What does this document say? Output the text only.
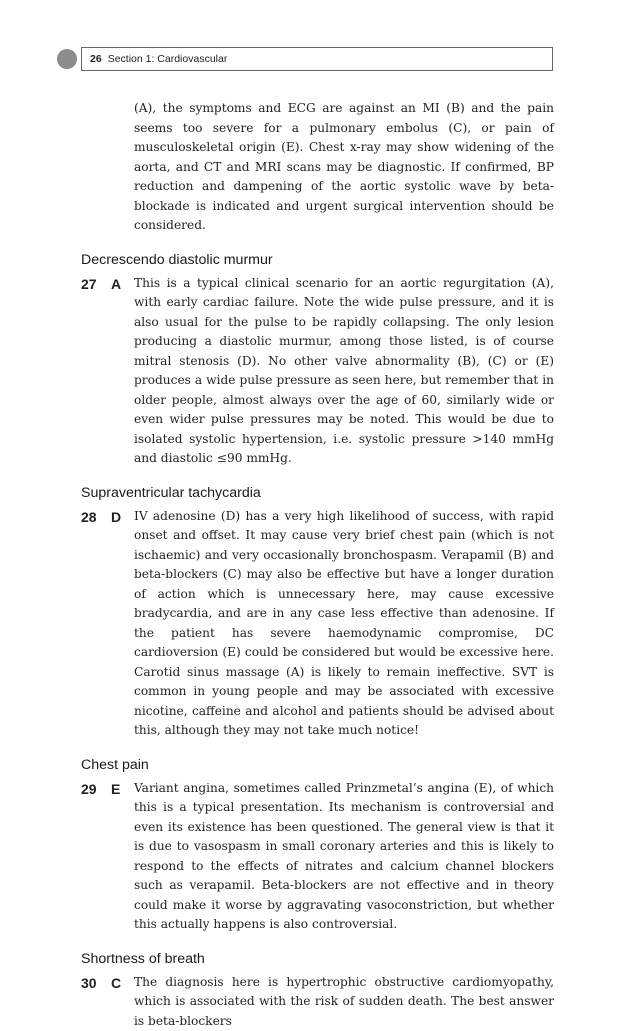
26 Section 1: Cardiovascular

(A), the symptoms and ECG are against an MI (B) and the pain seems too severe for a pulmonary embolus (C), or pain of musculoskeletal origin (E). Chest x-ray may show widening of the aorta, and CT and MRI scans may be diagnostic. If confirmed, BP reduction and dampening of the aortic systolic wave by beta-blockade is indicated and urgent surgical intervention should be considered.

Decrescendo diastolic murmur
27	A	This is a typical clinical scenario for an aortic regurgitation (A), with early cardiac failure. Note the wide pulse pressure, and it is also usual for the pulse to be rapidly collapsing. The only lesion producing a diastolic murmur, among those listed, is of course mitral stenosis (D). No other valve abnormality (B), (C) or (E) produces a wide pulse pressure as seen here, but remember that in older people, almost always over the age of 60, similarly wide or even wider pulse pressures may be noted. This would be due to isolated systolic hypertension, i.e. systolic pressure >140 mmHg and diastolic ≤90 mmHg.

Supraventricular tachycardia
28	D	IV adenosine (D) has a very high likelihood of success, with rapid onset and offset. It may cause very brief chest pain (which is not ischaemic) and very occasionally bronchospasm. Verapamil (B) and beta-blockers (C) may also be effective but have a longer duration of action which is unnecessary here, may cause excessive bradycardia, and are in any case less effective than adenosine. If the patient has severe haemodynamic compromise, DC cardioversion (E) could be considered but would be excessive here. Carotid sinus massage (A) is likely to remain ineffective. SVT is common in young people and may be associated with excessive nicotine, caffeine and alcohol and patients should be advised about this, although they may not take much notice!

Chest pain
29	E	Variant angina, sometimes called Prinzmetal’s angina (E), of which this is a typical presentation. Its mechanism is controversial and even its existence has been questioned. The general view is that it is due to vasospasm in small coronary arteries and this is likely to respond to the effects of nitrates and calcium channel blockers such as verapamil. Beta-blockers are not effective and in theory could make it worse by aggravating vasoconstriction, but whether this actually happens is also controversial.

Shortness of breath
30	C	The diagnosis here is hypertrophic obstructive cardiomyopathy, which is associated with the risk of sudden death. The best answer is beta-blockers
